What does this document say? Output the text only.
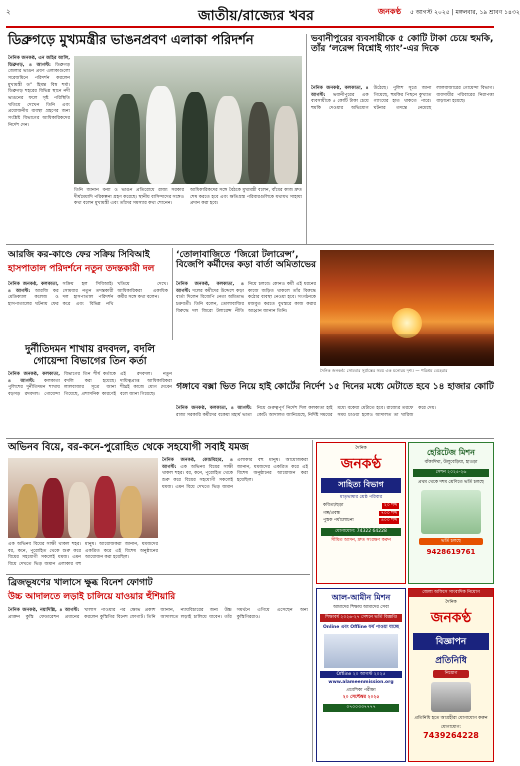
২	জাতীয়/রাজ্যের খবর	জনকণ্ঠ ৫ আগস্ট ২০২৫ | মঙ্গলবার, ১৯ শ্রাবণ ১৪৩২
ডিব্রুগড়ে মুখ্যমন্ত্রীর ভাঙনপ্রবণ এলাকা পরিদর্শন
নৈনিক জনকণ্ঠ, এন জহির আলি, ডিব্রুগড়, ৪ আগস্ট: ডিব্রুগড় জেলার ভাঙন প্রবণ এলাকাগুলো সরেজমিনে পরিদর্শন করলেন মুখ্যমন্ত্রী ড° হিমন্ত বিশ্ব শর্মা। ডিব্রুগড় শহরের বিভিন্ন স্থানে নদী ভাঙনের ফলে সৃষ্ট পরিস্থিতি খতিয়ে দেখেন তিনি এবং প্রয়োজনীয় ব্যবস্থা গ্রহণের জন্য সংশ্লিষ্ট বিভাগের আধিকারিকদের নির্দেশ দেন।
তিনি জানান বন্যা ও ভাঙন প্রতিরোধে রাজ্য সরকার দীর্ঘমেয়াদি পরিকল্পনা গ্রহণ করেছে। স্থানীয় বাসিন্দাদের সঙ্গেও কথা বলেন মুখ্যমন্ত্রী এবং তাঁদের সমস্যার কথা শোনেন।
আধিকারিকদের সঙ্গে বৈঠকে মুখ্যমন্ত্রী বলেন, বাঁধের কাজ দ্রুত শেষ করতে হবে এবং ক্ষতিগ্রস্ত পরিবারগুলিকে যথাযথ সাহায্য প্রদান করা হবে।
ভবানীপুরের ব্যবসায়ীকে ৫ কোটি টাকা চেয়ে হুমকি, তাঁর ‘লরেন্স বিশ্নোই গ্যাং’-এর দিকে
নৈনিক জনকণ্ঠ, কলকাতা, ৪ আগস্ট: ভবানীপুরের এক ব্যবসায়ীকে ৫ কোটি টাকা চেয়ে হুমকি দেওয়ার অভিযোগ উঠেছে। পুলিশ সূত্রে জানা গিয়েছে, হুমকির পিছনে কুখ্যাত গ্যাংয়ের হাত থাকতে পারে। ঘটনার তদন্তে নেমেছে লালবাজারের গোয়েন্দা বিভাগ। ব্যবসায়ীর পরিবারের নিরাপত্তা বাড়ানো হয়েছে।
আরজি কর-কাণ্ডে ফের সক্রিয় সিবিআই
হাসপাতাল পরিদর্শনে নতুন তদন্তকারী দল
নৈনিক জনকণ্ঠ, কলকাতা, ৪ আগস্ট: আরজি কর মেডিক্যাল কলেজ ও হাসপাতালের ঘটনায় ফের সক্রিয় হল সিবিআই। সোমবার নতুন তদন্তকারী দল হাসপাতাল পরিদর্শন করে এবং বিভিন্ন নথি খতিয়ে দেখে। আধিকারিকরা একাধিক কর্মীর সঙ্গে কথা বলেন।
‘তোলাবাজিতে ‘জিরো টলারেন্স’, বিজেপি কর্মীদের কড়া বার্তা অমিতাভের
নৈনিক জনকণ্ঠ, কলকাতা, ৪ আগস্ট: দলের কর্মীদের উদ্দেশে কড়া বার্তা দিলেন বিজেপি নেতা অমিতাভ চক্রবর্তী। তিনি বলেন, তোলাবাজির বিরুদ্ধে দল জিরো টলারেন্স নীতি নিয়ে চলবে। কোনও কর্মী এই ধরনের কাজে জড়িত থাকলে তাঁর বিরুদ্ধে কঠোর ব্যবস্থা নেওয়া হবে। সংগঠনকে মজবুত করতে বুথস্তরে কাজ করার আহ্বান জানান তিনি।
দৈনিক জনকণ্ঠ: সোমবার সূর্যাস্তের সময় এক মনোরম দৃশ্য। — পরিশ্রম বেহেরার
দুর্নীতিদমন শাখায় রদবদল, বদলি গোয়েন্দা বিভাগের তিন কর্তা
নৈনিক জনকণ্ঠ, কলকাতা, ৪ আগস্ট: কলকাতা পুলিশের দুর্নীতিদমন শাখায় বড়সড় রদবদল। গোয়েন্দা বিভাগের তিন শীর্ষ কর্তাকে বদলি করা হয়েছে। লালবাজার সূত্রে জানা গিয়েছে, প্রশাসনিক কারণেই এই রদবদল। নতুন দায়িত্বপ্রাপ্ত আধিকারিকরা শীঘ্রই কাজে যোগ দেবেন বলে জানা গিয়েছে।
গঙ্গাবে বক্সা ভিত নিয়ে হাই কোর্টের নির্দেশ ১৫ দিনের মধ্যে মেটাতে হবে ১৪ হাজার কোটি
নৈনিক জনকণ্ঠ, কলকাতা, ৪ আগস্ট: রাজ্য সরকারি কর্মীদের বকেয়া মহার্ঘ ভাতা নিয়ে গুরুত্বপূর্ণ নির্দেশ দিল কলকাতা হাই কোর্ট। আদালত জানিয়েছে, নির্দিষ্ট সময়ের মধ্যে বকেয়া মেটাতে হবে। রাজ্যের তরফে সময় চাওয়া হলেও আদালত তা খারিজ করে দেয়।
অভিনব বিয়ে, বর-কনে-পুরোহিত থেকে সহযোগী সবাই যমজ
নৈনিক জনকণ্ঠ, কোচবিহার, ৪ আগস্ট: এক অভিনব বিয়ের সাক্ষী থাকল শহর। বর, কনে, পুরোহিত থেকে শুরু করে বিয়ের সহযোগী সকলেই যমজ। এমন বিয়ে দেখতে ভিড় জমান এলাকার বহু মানুষ। আয়োজকরা জানান, যমজদের একত্রিত করে এই বিশেষ অনুষ্ঠানের আয়োজন করা হয়েছিল।
এক অভিনব বিয়ের সাক্ষী থাকল শহর। বর, কনে, পুরোহিত থেকে শুরু করে বিয়ের সহযোগী সকলেই যমজ। এমন বিয়ে দেখতে ভিড় জমান এলাকার বহু মানুষ। আয়োজকরা জানান, যমজদের একত্রিত করে এই বিশেষ অনুষ্ঠানের আয়োজন করা হয়েছিল।
দৈনিক
জনকণ্ঠ
সাহিত্য বিভাগ
মাতৃভাষার শ্রেষ্ঠ পরিবার
কবিতা/ছড়া	২০ শব্দ
গল্প/প্রবন্ধ	৭০০ শব্দ
পুস্তক পর্যালোচনা	৪০০ শব্দ
যোগাযোগ: 74322 64228
সীমিত আসন, দ্রুত সংরক্ষণ করুন
হেরিটেজ মিশন
বাঁকাদিঘা, উলুবেড়িয়া, হাওড়া
সেশন ২০২৫-২৬
প্রথম থেকে দশম শ্রেণিতে ভর্তি চলছে
ভর্তি চলছে
9428619761
ব্রিজভূষণের খালাসে ক্ষুব্ধ বিনেশ ফোগাট
উচ্চ আদালতে লড়াই চালিয়ে যাওয়ার হুঁশিয়ারি
নৈনিক জনকণ্ঠ, নয়াদিল্লি, ৪ আগস্ট: প্রাক্তন কুস্তি ফেডারেশন প্রধানের খালাস পাওয়ার পর ক্ষোভ প্রকাশ করলেন কুস্তিগির বিনেশ ফোগাট। তিনি জানান, ন্যায়বিচারের জন্য উচ্চ আদালতে লড়াই চালিয়ে যাবেন। তাঁর সমর্থনে এগিয়ে এসেছেন অন্য কুস্তিগিররাও।
আল-আমীন মিশন
আমাদের শিক্ষায় আমাদের সেবা
শিক্ষাবর্ষ ২০২৬-২৭ সেশনে ভর্তি বিজ্ঞপ্তি
Online এবং Offline ফর্ম পাওয়া যাচ্ছে
Offline ২০ আগস্ট ২০২৫
www.alameenmission.org
প্রবেশিকা পরীক্ষা
২০ সেপ্টেম্বর ২০২৫
০৭০০৩৩৭৭৭৭
জেলা অফিসে সাংবাদিক নিয়োগ
দৈনিক
জনকণ্ঠ
বিজ্ঞাপন
প্রতিনিধি
নিয়োগ
প্রতিনিধি হতে আগ্রহীরা যোগাযোগ করুন
যোগাযোগ:
7439264228
